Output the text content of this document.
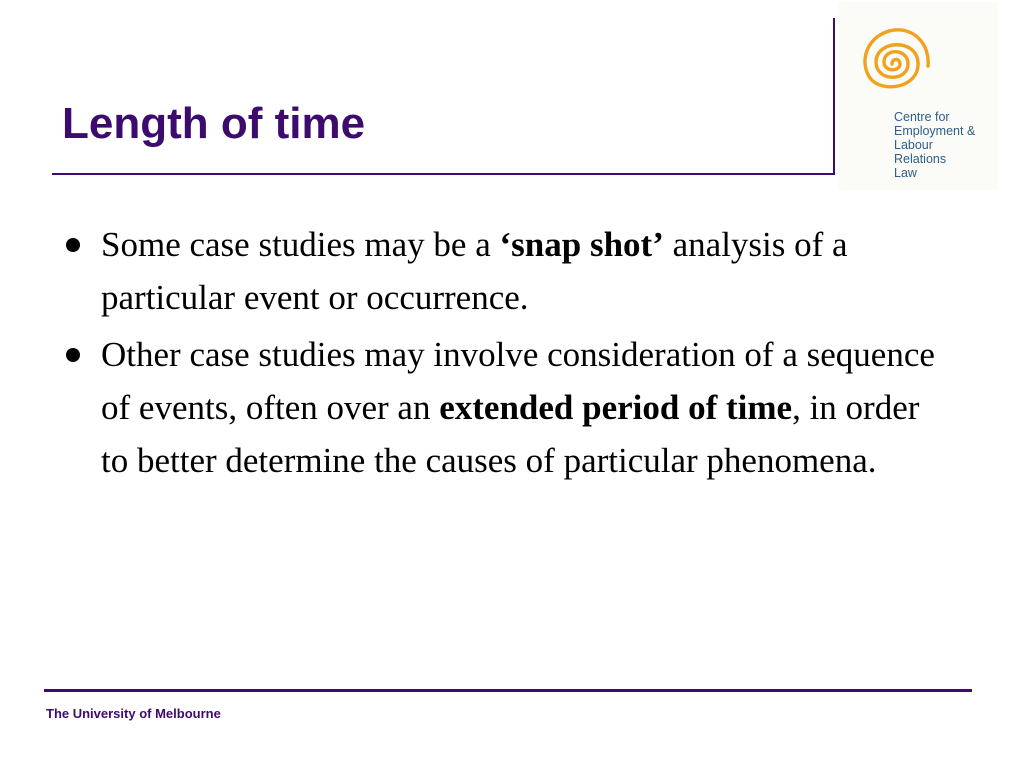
Length of time	Centre for
Employment &
Labour
Relations
Law
Some case studies may be a ‘snap shot’ analysis of a particular event or occurrence.
Other case studies may involve consideration of a sequence of events, often over an extended period of time, in order to better determine the causes of particular phenomena.
The University of Melbourne
